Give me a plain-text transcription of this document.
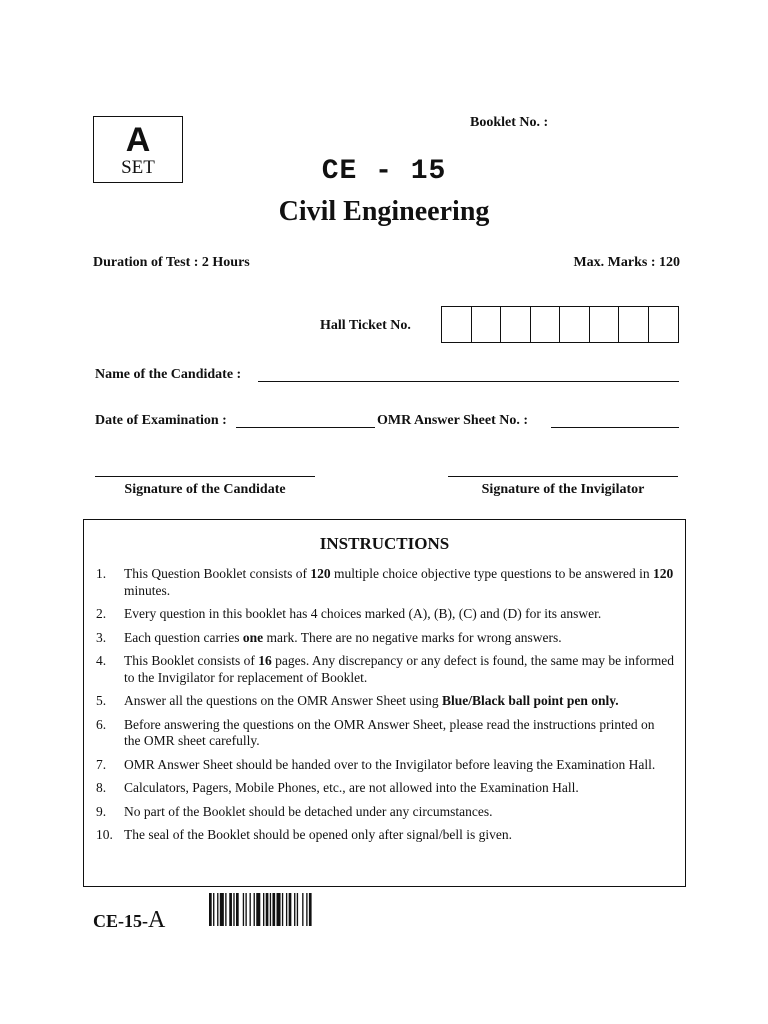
A
SET
Booklet No. :
CE - 15
Civil Engineering
Duration of Test : 2 Hours	Max. Marks : 120
Hall Ticket No.
Name of the Candidate :
Date of Examination :	OMR Answer Sheet No. :
Signature of the Candidate	Signature of the Invigilator
INSTRUCTIONS
1.	This Question Booklet consists of 120 multiple choice objective type questions to be answered in 120 minutes.
2.	Every question in this booklet has 4 choices marked (A), (B), (C) and (D) for its answer.
3.	Each question carries one mark. There are no negative marks for wrong answers.
4.	This Booklet consists of 16 pages. Any discrepancy or any defect is found, the same may be informed to the Invigilator for replacement of Booklet.
5.	Answer all the questions on the OMR Answer Sheet using Blue/Black ball point pen only.
6.	Before answering the questions on the OMR Answer Sheet, please read the instructions printed on the OMR sheet carefully.
7.	OMR Answer Sheet should be handed over to the Invigilator before leaving the Examination Hall.
8.	Calculators, Pagers, Mobile Phones, etc., are not allowed into the Examination Hall.
9.	No part of the Booklet should be detached under any circumstances.
10. The seal of the Booklet should be opened only after signal/bell is given.
CE-15-A
